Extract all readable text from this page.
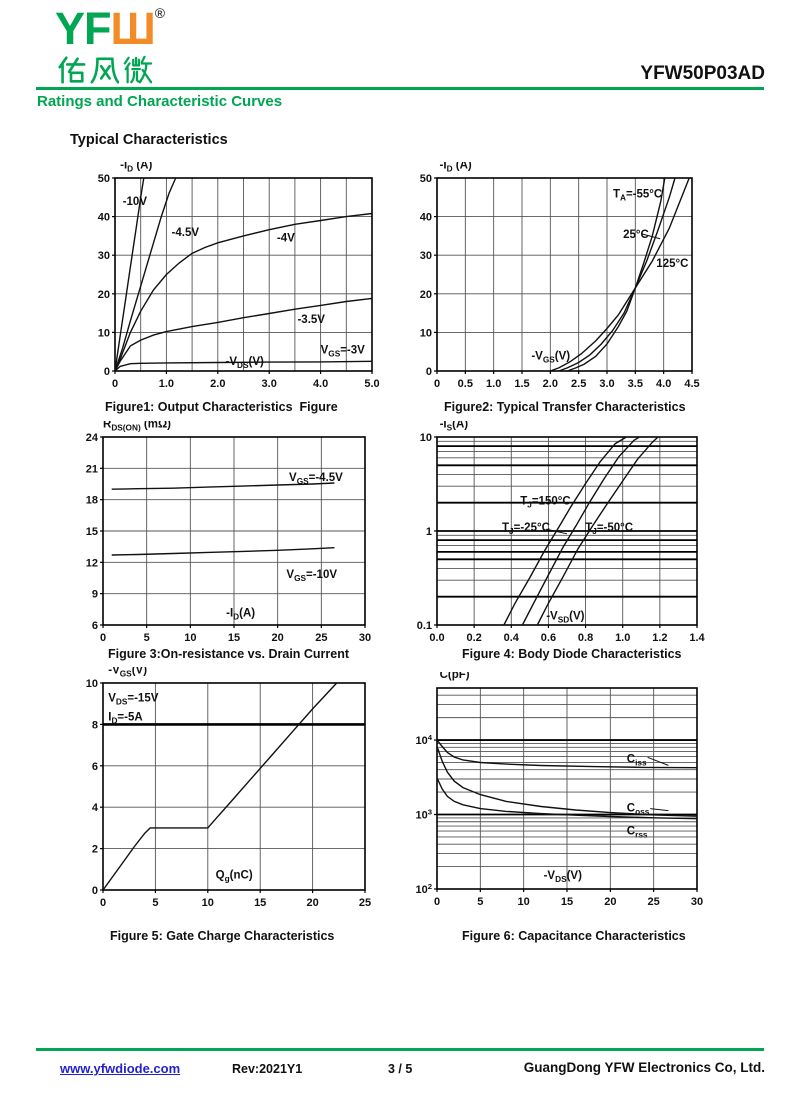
YFШ®
YFW50P03AD
Ratings and Characteristic Curves
Typical Characteristics
0	1.0	2.0	3.0	4.0	5.0
0
10
20
30
40
50
$-I_D$ (A)
-10V
-4.5V	-4V
-3.5V
$V_{GS}=-3V$
$-V_{DS}(V)$
0 0.5 1.0 1.5 2.0 2.5 3.0 3.5 4.0 4.5
0
10
20
30
40
50
$-I_D$ (A)
$T_A=-55^\circ C$
25°C
125°C
$-V_{GS}(V)$
0	5	10	15	20	25	30
6
9
12
15
18
21
24
$R_{DS(ON)}$ (mΩ)
$V_{GS}=-4.5V$
$V_{GS}=-10V$
$-I_D(A)$
0.0 0.2 0.4 0.6 0.8 1.0 1.2 1.4
10
1
0.1
$-I_S(A)$
$T_J=150^\circ C$
$T_J=-25^\circ C$	$T_J=-50^\circ C$
$-V_{SD}(V)$
0	5	10	15	20	25
0
2
4
6
8
10
$-V_{GS}(V)$
$V_{DS}=-15V$
$I_D=-5A$
$Q_g(nC)$
0	5	10	15	20	25	30
$10^4$
$10^3$
$10^2$
C(pF)
$C_{iss}$
$C_{oss}$
$C_{rss}$
$-V_{DS}(V)$
Figure1: Output Characteristics  Figure	Figure2: Typical Transfer Characteristics
Figure 3:On-resistance vs. Drain Current	Figure 4: Body Diode Characteristics
Figure 5: Gate Charge Characteristics	Figure 6: Capacitance Characteristics
www.yfwdiode.com	Rev:2021Y1	3 / 5	GuangDong YFW Electronics Co, Ltd.
